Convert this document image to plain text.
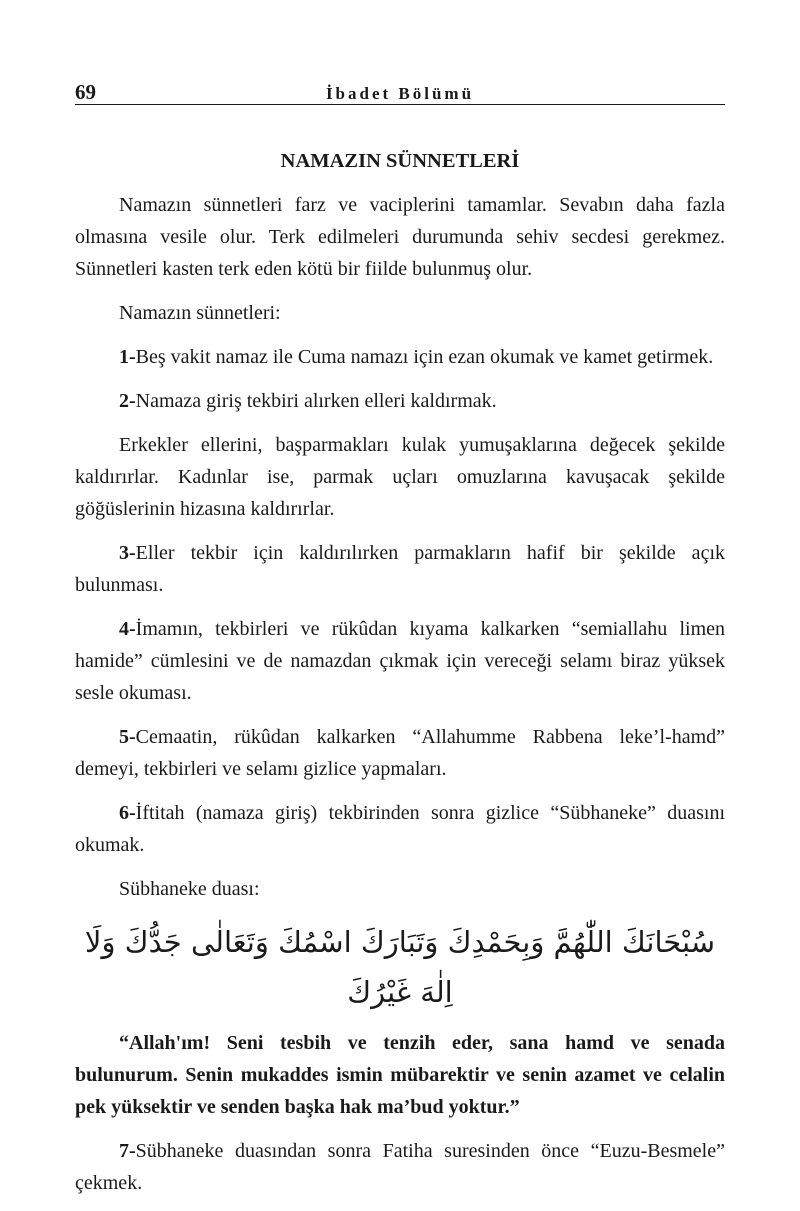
69	İbadet Bölümü
NAMAZIN SÜNNETLERİ

Namazın sünnetleri farz ve vaciplerini tamamlar. Sevabın daha fazla olmasına vesile olur. Terk edilmeleri durumunda sehiv secdesi gerekmez. Sünnetleri kasten terk eden kötü bir fiilde bulunmuş olur.

Namazın sünnetleri:

1-Beş vakit namaz ile Cuma namazı için ezan okumak ve kamet getirmek.

2-Namaza giriş tekbiri alırken elleri kaldırmak.

Erkekler ellerini, başparmakları kulak yumuşaklarına değecek şekilde kaldırırlar. Kadınlar ise, parmak uçları omuzlarına kavuşacak şekilde göğüslerinin hizasına kaldırırlar.

3-Eller tekbir için kaldırılırken parmakların hafif bir şekilde açık bulunması.

4-İmamın, tekbirleri ve rükûdan kıyama kalkarken “semiallahu limen hamide” cümlesini ve de namazdan çıkmak için vereceği selamı biraz yüksek sesle okuması.

5-Cemaatin, rükûdan kalkarken “Allahumme Rabbena leke’l-hamd” demeyi, tekbirleri ve selamı gizlice yapmaları.

6-İftitah (namaza giriş) tekbirinden sonra gizlice “Sübhaneke” duasını okumak.

Sübhaneke duası:

سُبْحَانَكَ اللّٰهُمَّ وَبِحَمْدِكَ وَتَبَارَكَ اسْمُكَ وَتَعَالٰى جَدُّكَ وَلَا اِلٰهَ غَيْرُكَ

“Allah'ım! Seni tesbih ve tenzih eder, sana hamd ve senada bulunurum. Senin mukaddes ismin mübarektir ve senin azamet ve celalin pek yüksektir ve senden başka hak ma’bud yoktur.”

7-Sübhaneke duasından sonra Fatiha suresinden önce “Euzu-Besmele” çekmek.
